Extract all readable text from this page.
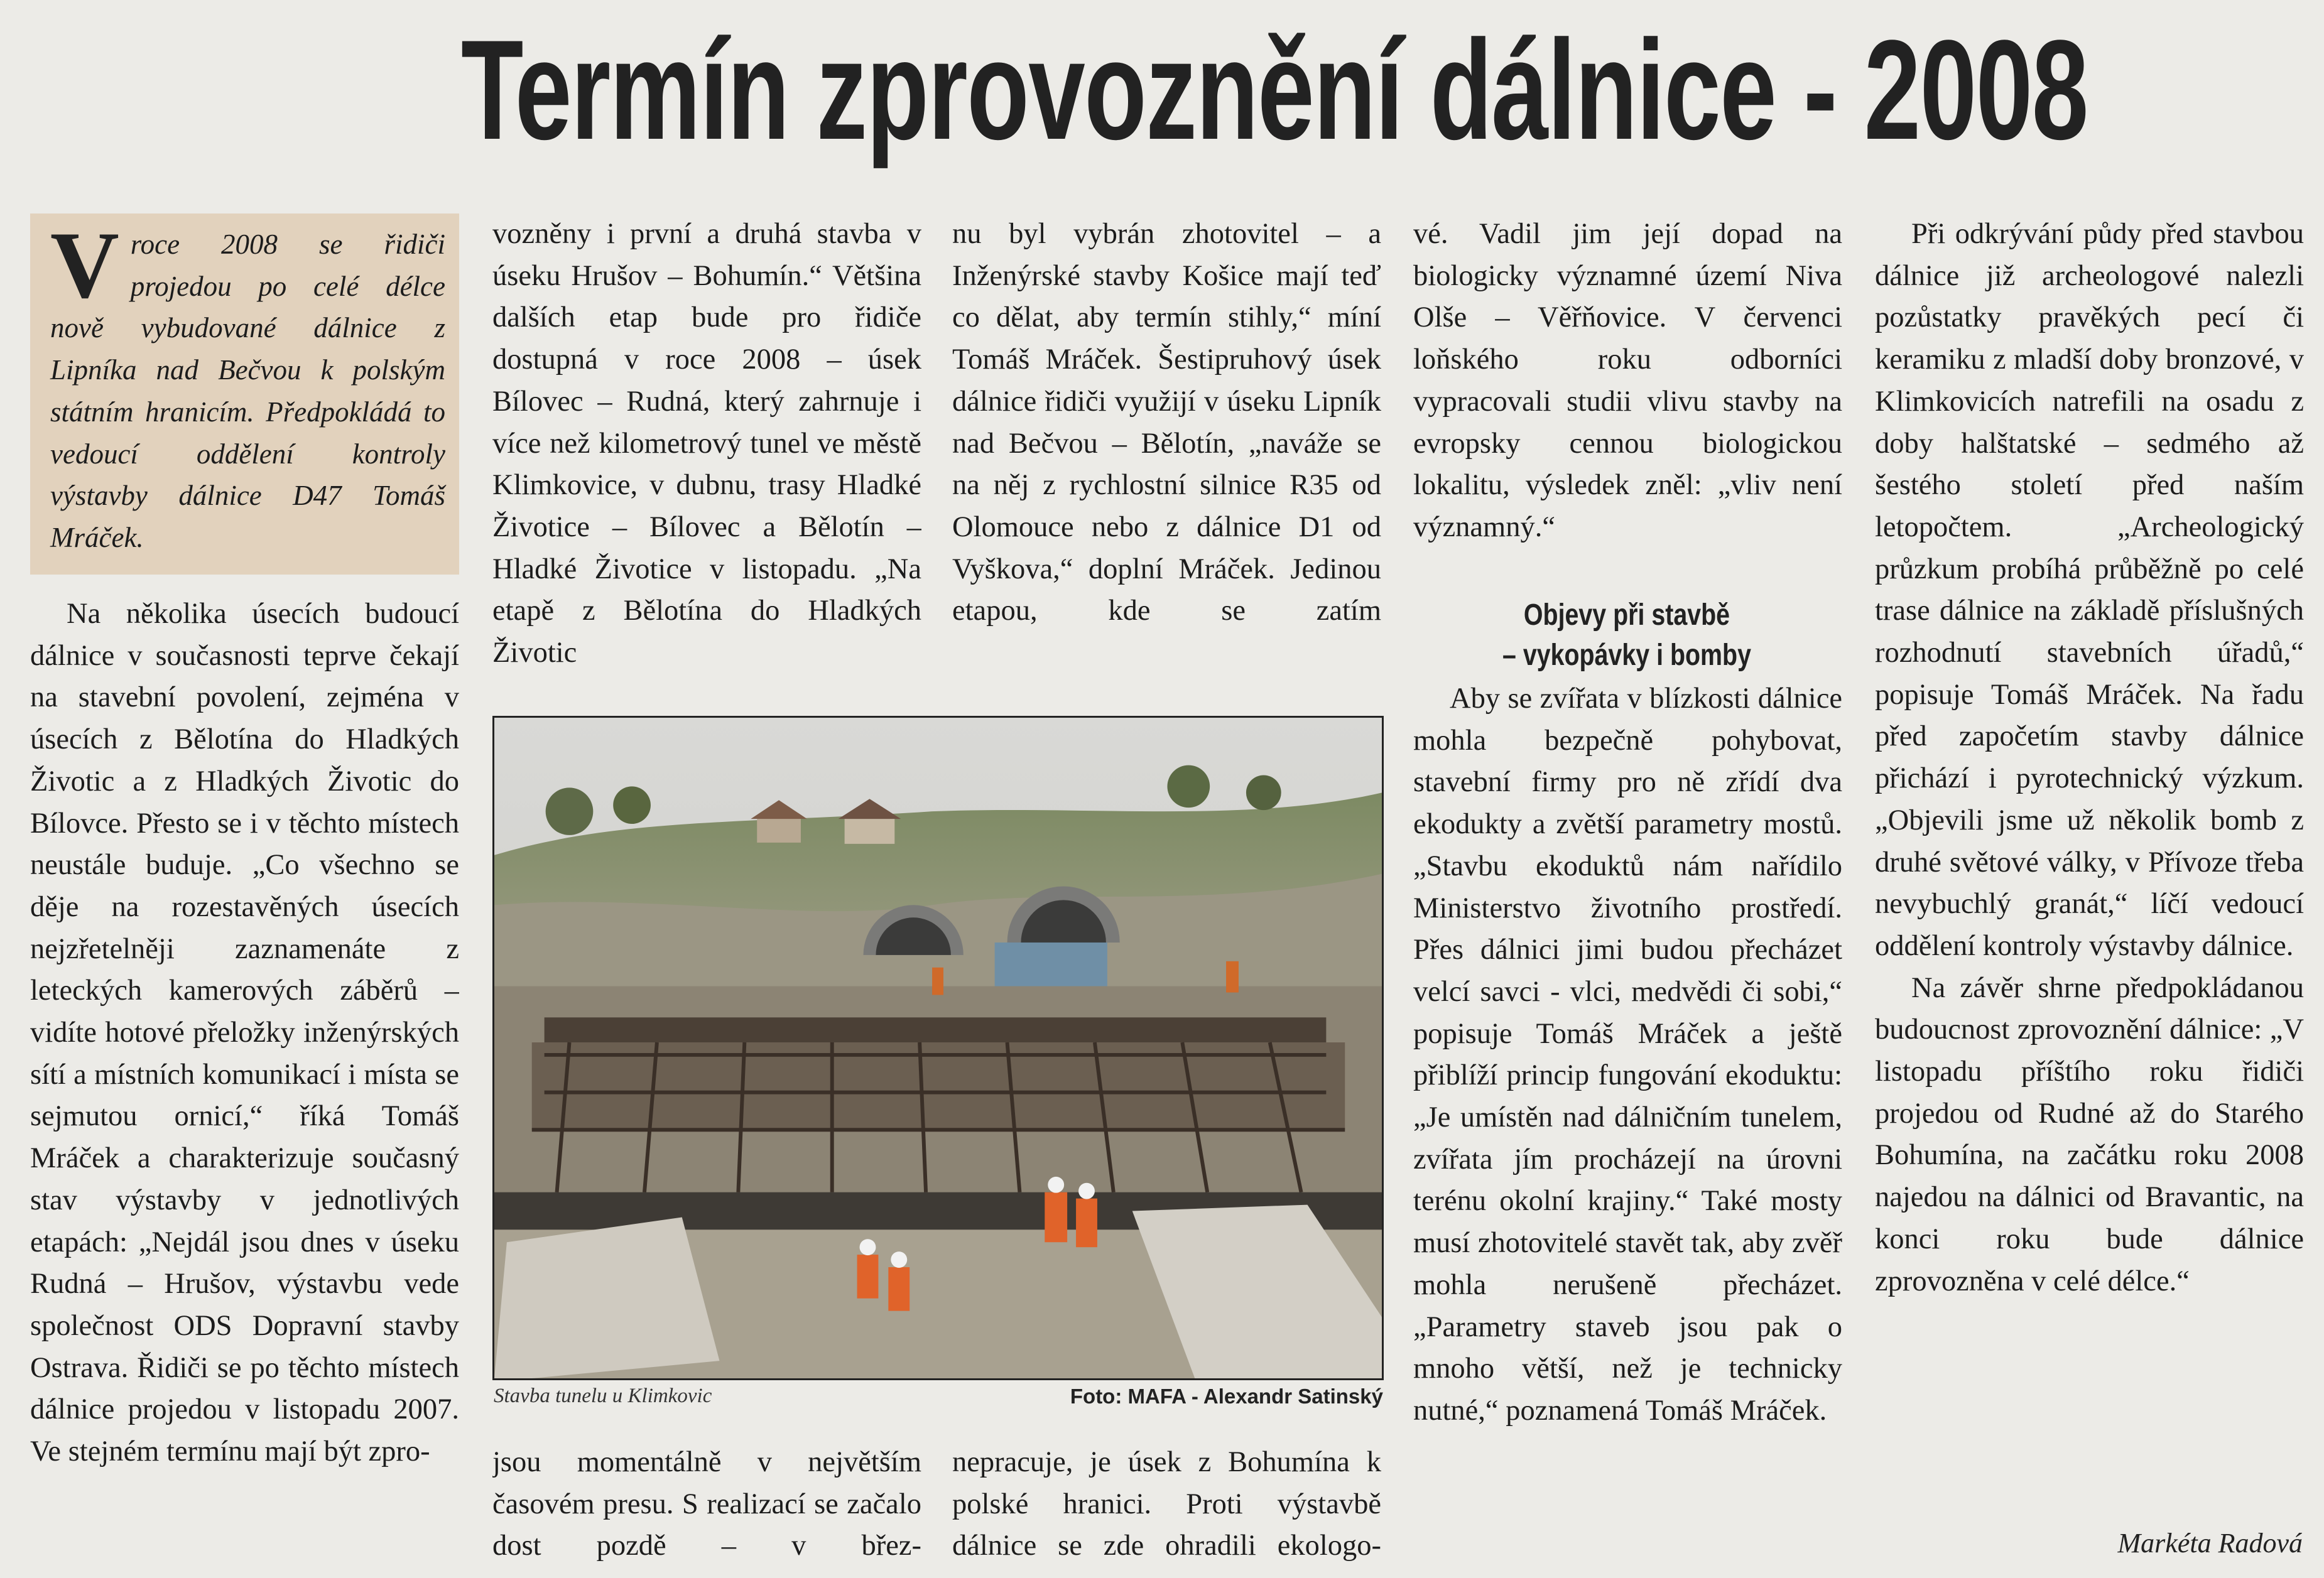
Termín zprovoznění dálnice - 2008
V roce 2008 se řidiči projedou po celé délce nově vybudované dálnice z Lipníka nad Bečvou k polským státním hranicím. Předpokládá to vedoucí oddělení kontroly výstavby dálnice D47 Tomáš Mráček.

Na několika úsecích budoucí dálnice v současnosti teprve čekají na stavební povolení, zejména v úsecích z Bělotína do Hladkých Životic a z Hladkých Životic do Bílovce. Přesto se i v těchto místech neustále buduje. „Co všechno se děje na rozestavěných úsecích nejzřetelněji zaznamenáte z leteckých kamerových záběrů – vidíte hotové přeložky inženýrských sítí a místních komunikací i místa se sejmutou ornicí,“ říká Tomáš Mráček a charakterizuje současný stav výstavby v jednotlivých etapách: „Nejdál jsou dnes v úseku Rudná – Hrušov, výstavbu vede společnost ODS Dopravní stavby Ostrava. Řidiči se po těchto místech dálnice projedou v listopadu 2007. Ve stejném termínu mají být zpro-

vozněny i první a druhá stavba v úseku Hrušov – Bohumín.“ Většina dalších etap bude pro řidiče dostupná v roce 2008 – úsek Bílovec – Rudná, který zahrnuje i více než kilometrový tunel ve městě Klimkovice, v dubnu, trasy Hladké Životice – Bílovec a Bělotín – Hladké Životice v listopadu. „Na etapě z Bělotína do Hladkých Životic

nu byl vybrán zhotovitel – a Inženýrské stavby Košice mají teď co dělat, aby termín stihly,“ míní Tomáš Mráček. Šestipruhový úsek dálnice řidiči využijí v úseku Lipník nad Bečvou – Bělotín, „naváže se na něj z rychlostní silnice R35 od Olomouce nebo z dálnice D1 od Vyškova,“ doplní Mráček. Jedinou etapou, kde se zatím

Stavba tunelu u Klimkovic	Foto: MAFA - Alexandr Satinský

jsou momentálně v největším časovém presu. S realizací se začalo dost pozdě – v břez-

nepracuje, je úsek z Bohumína k polské hranici. Proti výstavbě dálnice se zde ohradili ekologo-

vé. Vadil jim její dopad na biologicky významné území Niva Olše – Věřňovice. V červenci loňského roku odborníci vypracovali studii vlivu stavby na evropsky cennou biologickou lokalitu, výsledek zněl: „vliv není významný.“

Objevy při stavbě
– vykopávky i bomby

Aby se zvířata v blízkosti dálnice mohla bezpečně pohybovat, stavební firmy pro ně zřídí dva ekodukty a zvětší parametry mostů. „Stavbu ekoduktů nám nařídilo Ministerstvo životního prostředí. Přes dálnici jimi budou přecházet velcí savci - vlci, medvědi či sobi,“ popisuje Tomáš Mráček a ještě přiblíží princip fungování ekoduktu: „Je umístěn nad dálničním tunelem, zvířata jím procházejí na úrovni terénu okolní krajiny.“ Také mosty musí zhotovitelé stavět tak, aby zvěř mohla nerušeně přecházet. „Parametry staveb jsou pak o mnoho větší, než je technicky nutné,“ poznamená Tomáš Mráček.

Při odkrývání půdy před stavbou dálnice již archeologové nalezli pozůstatky pravěkých pecí či keramiku z mladší doby bronzové, v Klimkovicích natrefili na osadu z doby halštatské – sedmého až šestého století před naším letopočtem. „Archeologický průzkum probíhá průběžně po celé trase dálnice na základě příslušných rozhodnutí stavebních úřadů,“ popisuje Tomáš Mráček. Na řadu před započetím stavby dálnice přichází i pyrotechnický výzkum. „Objevili jsme už několik bomb z druhé světové války, v Přívoze třeba nevybuchlý granát,“ líčí vedoucí oddělení kontroly výstavby dálnice.

Na závěr shrne předpokládanou budoucnost zprovoznění dálnice: „V listopadu příštího roku řidiči projedou od Rudné až do Starého Bohumína, na začátku roku 2008 najedou na dálnici od Bravantic, na konci roku bude dálnice zprovozněna v celé délce.“

Markéta Radová
